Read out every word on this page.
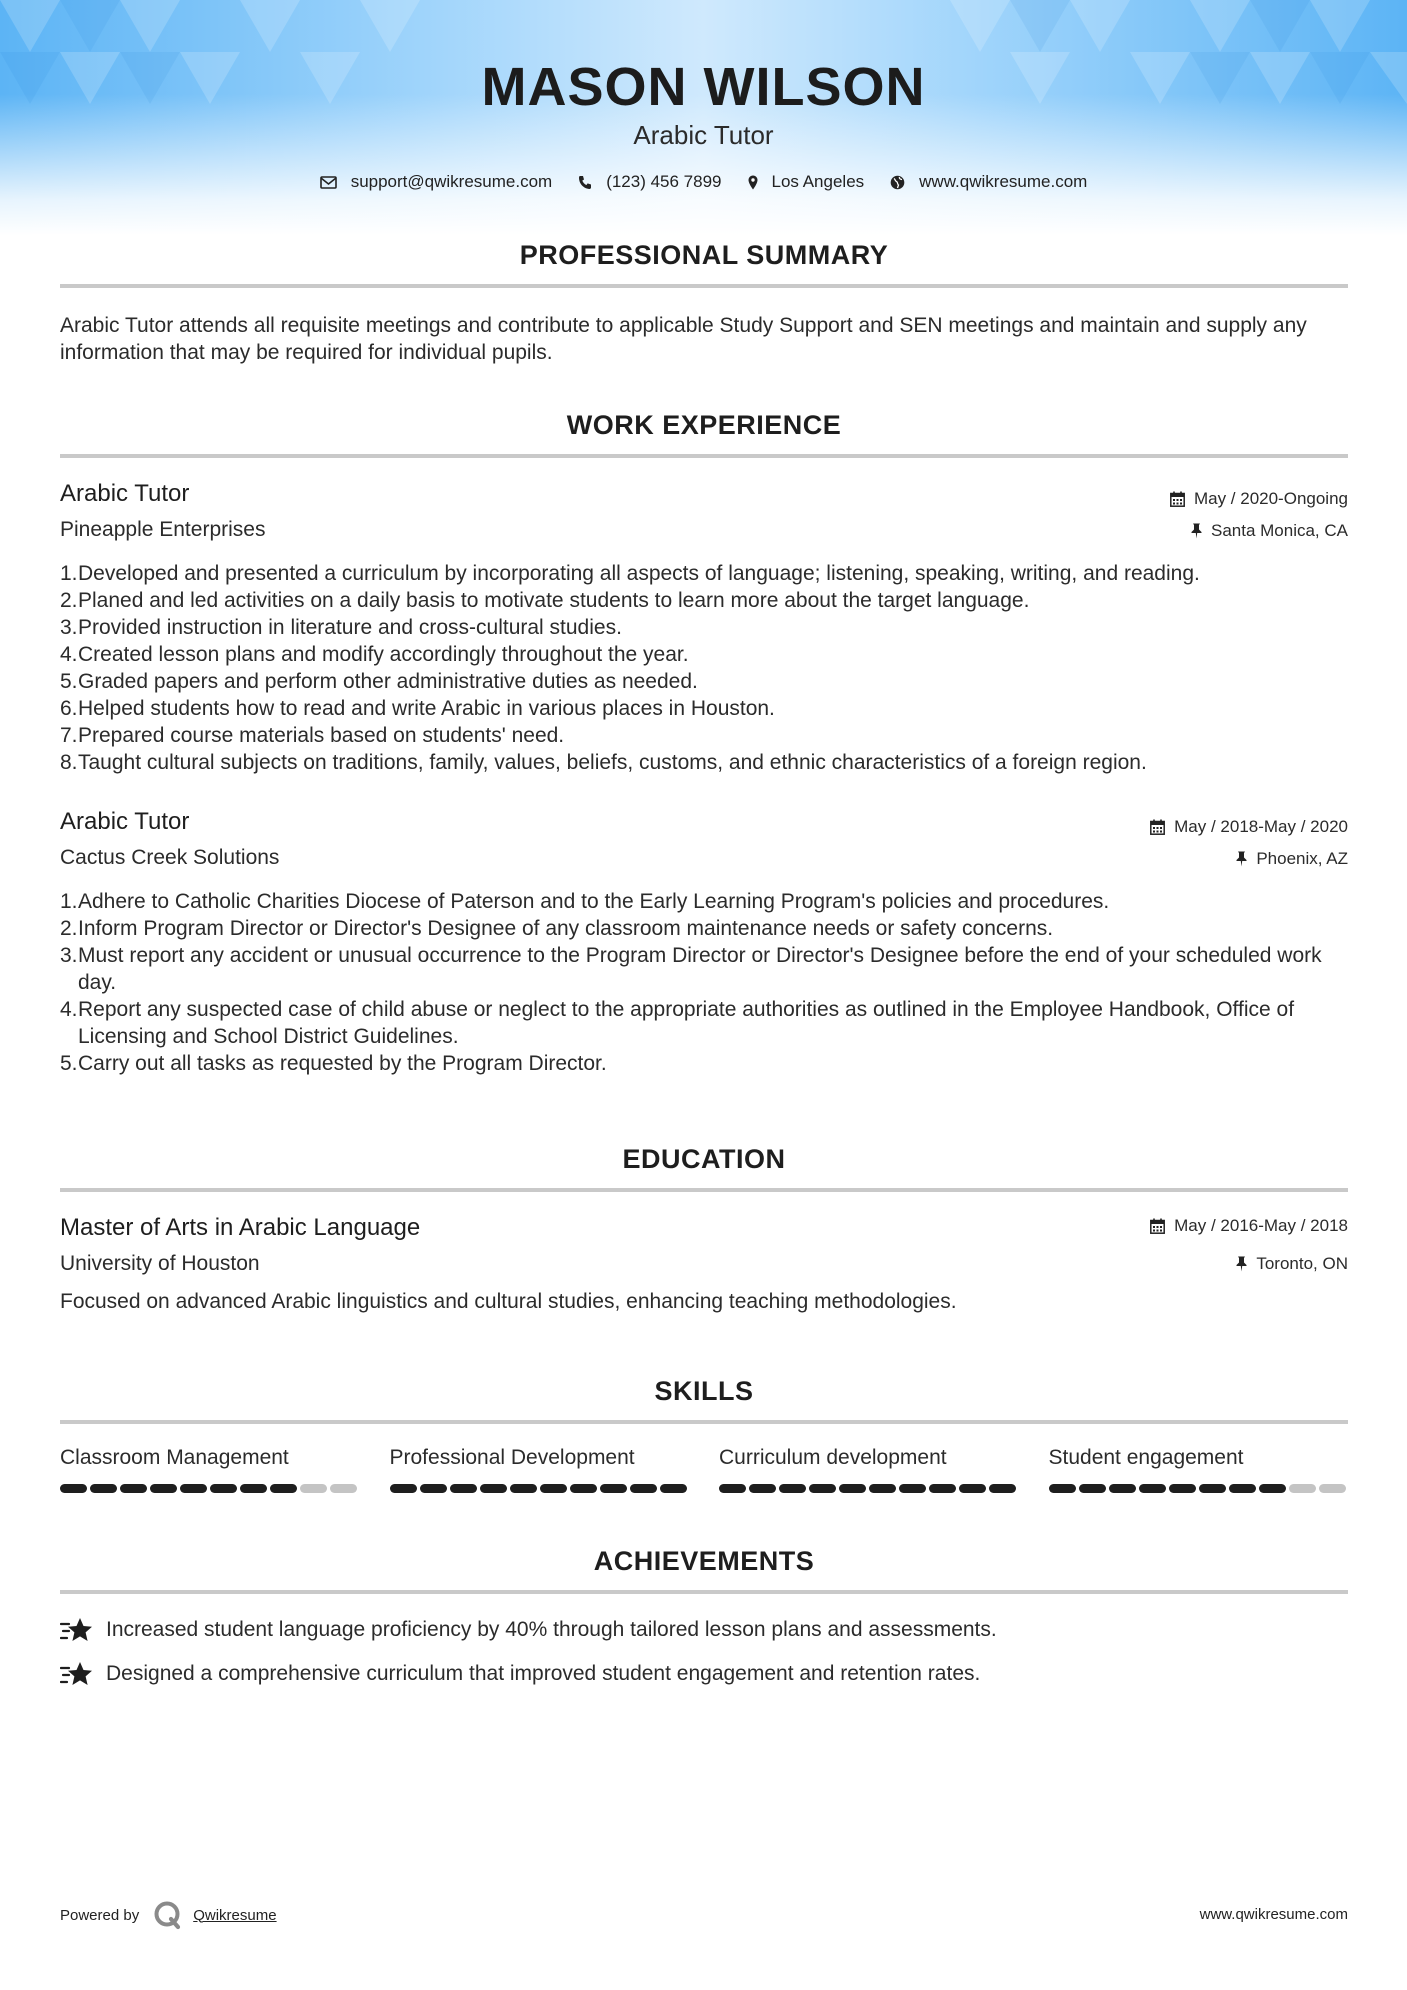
MASON WILSON
Arabic Tutor
support@qwikresume.com	(123) 456 7899	Los Angeles	www.qwikresume.com
PROFESSIONAL SUMMARY
Arabic Tutor attends all requisite meetings and contribute to applicable Study Support and SEN meetings and maintain and supply any information that may be required for individual pupils.
WORK EXPERIENCE
Arabic Tutor	May / 2020-Ongoing
Pineapple Enterprises	Santa Monica, CA
1. Developed and presented a curriculum by incorporating all aspects of language; listening, speaking, writing, and reading.
2. Planed and led activities on a daily basis to motivate students to learn more about the target language.
3. Provided instruction in literature and cross-cultural studies.
4. Created lesson plans and modify accordingly throughout the year.
5. Graded papers and perform other administrative duties as needed.
6. Helped students how to read and write Arabic in various places in Houston.
7. Prepared course materials based on students' need.
8. Taught cultural subjects on traditions, family, values, beliefs, customs, and ethnic characteristics of a foreign region.
Arabic Tutor	May / 2018-May / 2020
Cactus Creek Solutions	Phoenix, AZ
1. Adhere to Catholic Charities Diocese of Paterson and to the Early Learning Program's policies and procedures.
2. Inform Program Director or Director's Designee of any classroom maintenance needs or safety concerns.
3. Must report any accident or unusual occurrence to the Program Director or Director's Designee before the end of your scheduled work day.
4. Report any suspected case of child abuse or neglect to the appropriate authorities as outlined in the Employee Handbook, Office of Licensing and School District Guidelines.
5. Carry out all tasks as requested by the Program Director.
EDUCATION
Master of Arts in Arabic Language	May / 2016-May / 2018
University of Houston	Toronto, ON
Focused on advanced Arabic linguistics and cultural studies, enhancing teaching methodologies.
SKILLS
Classroom Management	Professional Development	Curriculum development	Student engagement
ACHIEVEMENTS
Increased student language proficiency by 40% through tailored lesson plans and assessments.
Designed a comprehensive curriculum that improved student engagement and retention rates.
Powered by	Qwikresume	www.qwikresume.com
